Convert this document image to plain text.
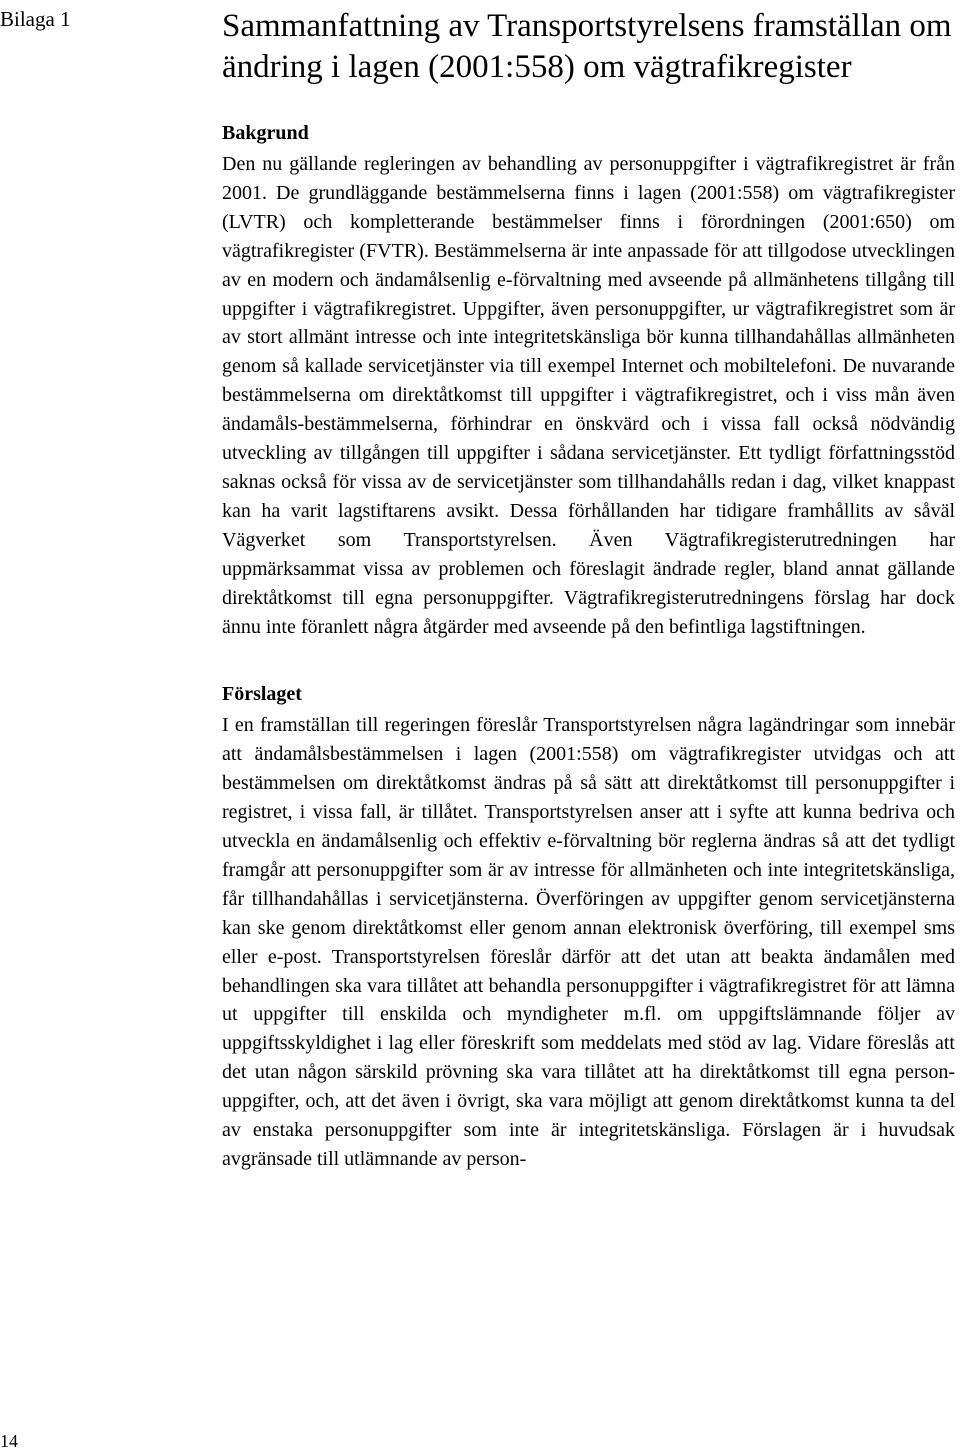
Bilaga 1	Sammanfattning av Transportstyrelsens framställan om ändring i lagen (2001:558) om vägtrafikregister
Bakgrund

Den nu gällande regleringen av behandling av personuppgifter i vägtrafikregistret är från 2001. De grundläggande bestämmelserna finns i lagen (2001:558) om vägtrafikregister (LVTR) och kompletterande bestämmelser finns i förordningen (2001:650) om vägtrafikregister (FVTR). Bestämmelserna är inte anpassade för att tillgodose utvecklingen av en modern och ändamålsenlig e-förvaltning med avseende på allmänhetens tillgång till uppgifter i vägtrafikregistret. Uppgifter, även personuppgifter, ur vägtrafikregistret som är av stort allmänt intresse och inte integritetskänsliga bör kunna tillhandahållas allmänheten genom så kallade servicetjänster via till exempel Internet och mobiltelefoni. De nuvarande bestämmelserna om direktåtkomst till uppgifter i vägtrafikregistret, och i viss mån även ändamåls-bestämmelserna, förhindrar en önskvärd och i vissa fall också nödvändig utveckling av tillgången till uppgifter i sådana servicetjänster. Ett tydligt författningsstöd saknas också för vissa av de servicetjänster som tillhandahålls redan i dag, vilket knappast kan ha varit lagstiftarens avsikt. Dessa förhållanden har tidigare framhållits av såväl Vägverket som Transportstyrelsen. Även Vägtrafikregisterutredningen har uppmärksammat vissa av problemen och föreslagit ändrade regler, bland annat gällande direktåtkomst till egna personuppgifter. Vägtrafikregisterutredningens förslag har dock ännu inte föranlett några åtgärder med avseende på den befintliga lagstiftningen.

Förslaget

I en framställan till regeringen föreslår Transportstyrelsen några lagändringar som innebär att ändamålsbestämmelsen i lagen (2001:558) om vägtrafikregister utvidgas och att bestämmelsen om direktåtkomst ändras på så sätt att direktåtkomst till personuppgifter i registret, i vissa fall, är tillåtet. Transportstyrelsen anser att i syfte att kunna bedriva och utveckla en ändamålsenlig och effektiv e-förvaltning bör reglerna ändras så att det tydligt framgår att personuppgifter som är av intresse för allmänheten och inte integritetskänsliga, får tillhandahållas i servicetjänsterna. Överföringen av uppgifter genom servicetjänsterna kan ske genom direktåtkomst eller genom annan elektronisk överföring, till exempel sms eller e-post. Transportstyrelsen föreslår därför att det utan att beakta ändamålen med behandlingen ska vara tillåtet att behandla personuppgifter i vägtrafikregistret för att lämna ut uppgifter till enskilda och myndigheter m.fl. om uppgiftslämnande följer av uppgiftsskyldighet i lag eller föreskrift som meddelats med stöd av lag. Vidare föreslås att det utan någon särskild prövning ska vara tillåtet att ha direktåtkomst till egna personuppgifter, och, att det även i övrigt, ska vara möjligt att genom direktåtkomst kunna ta del av enstaka personuppgifter som inte är integritetskänsliga. Förslagen är i huvudsak avgränsade till utlämnande av person-

14
